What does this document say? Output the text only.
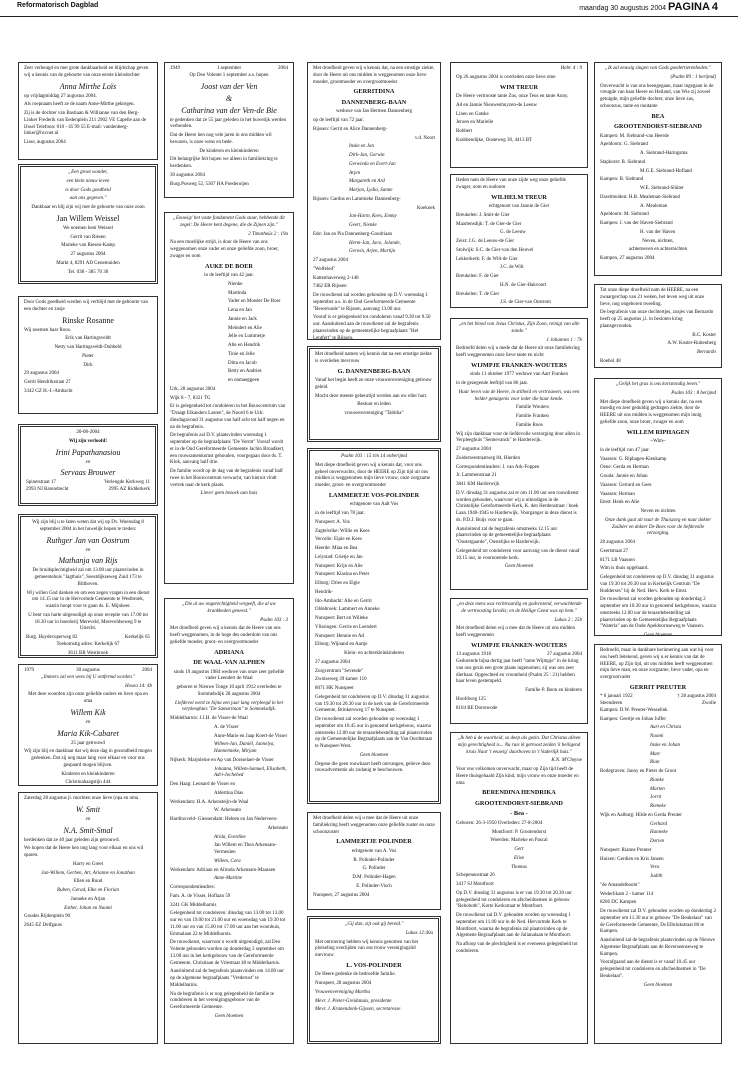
Reformatorisch Dagblad	maandag 30 augustus 2004 PAGINA 4

Zeer verheugd en met grote dankbaarheid en blijdschap geven wij u kennis van de geboorte van onze eerste kleindochter

Anna Mirthe Loïs

op vrijdagmiddag 27 augustus 2004.

Als roepnaam heeft ze de naam Anne-Mirthe gekregen.

Zij is de dochter van Bastiaan & Willianne van den Berg-Linker Frederik van Eedenplein 211 2902 VE Capelle aan de IJssel Telefoon: 010 - 45 99 55 E-mail: vandenberg-linker@hccnet.nl

Lisse, augustus 2004

„Een groot wonder,

een klein nieuw leven

is door Gods goedheid

aan ons gegeven."

Dankbaar en blij zijn wij met de geboorte van onze zoon

Jan Willem Weissel

We noemen hem Weissel

Gerrit van Riesen

Marieke van Riesen-Kamp

27 augustus 2004

Markt 4, 8291 AD Genemuiden

Tel. 038 - 385 70 30

Door Gods goedheid werden wij verblijd met de geboorte van een dochter en zusje

Rinske Rosanne

Wij noemen haar Roos.

Erik van Hartingsveldt

Netty van Hartingsveldt-Dubbeld

Pieter

Dirk

29 augustus 2004

Gerrit Hendrikstraat 27

3342 GZ H.-I.-Ambacht

20-08-2004

Wij zijn verloofd!

Irini Papathanasiou

en

Servaas Brouwer

Spinetstraat 17	Verlengde Kerkweg 11
2993 NJ Barendrecht	2995 AZ Ridderkerk

Wij zijn blij u te laten weten dat wij op Dv. Woensdag 8 september 2004 in het huwelijk hopen te treden:

Ruthger Jan van Oostrum

en

Mathanja van Rijs

De bruidsplechtigheid zal om 13.00 uur plaatsvinden in gemeentehuis "Jagthuis", Soestdijkseweg Zuid 173 te Bilthoven.

Wij willen God danken en om een zegen vragen in een dienst om 14.15 uur in de Hervormde Gemeente te Westbroek, waarin hoopt voor te gaan ds. E. Mijnheer.

U bent van harte uitgenodigd op onze receptie van 17.00 tot 18.30 uur in boerderij Mereveld, Mereveldseweg 9 te Utrecht.

Burg. Huydecoperweg 82	Kerkelijk 65

Toekomstig adres: Kerkelijk 67

3611 BR Westbroek

1979	30 augustus	2004

„Immers zal een wees bij U ontfermd worden."

Hosea 14: 4b

Met dese woorden zijn onze geliefde ouders en lieve opa en oma

Willem Kik

en

Maria Kik-Cabaret

25 jaar getrouwd

Wij zijn blij en dankbaar dat wij deze dag in gezondheid mogen gedenken. Dat zij nog maar lang voor elkaar en voor ons gespaard mogen blijven.

Kinderen en kleinkinderen

Christinahaagstijn 444

Zaterdag 28 augustus jl. mochten onze lieve (opa en oma

W. Smit

en

N.A. Smit-Smal

herdenken dat ze 40 jaar geleden zijn getrouwd.

We hopen dat de Heere hen nog lang voor elkaar en ons wil sparen.

Harry en Greet

Jan-Willem, Gerben, Art, Arianne en Jonathan

Ellen en Ruud

Ruben, Gerad, Elke en Florian

Janneke en Arjan

Esther, Johan en Naomi

Goudes Rijdenplein 90

2645 EZ Delfgauw

1949	1 september	2004

Op Deo Volente 1 september a.s. hopen

Joost van der Ven

&

Catharina van der Ven-de Bie

te gedenken dat ze 55 jaar geleden in het huwelijk werden verbonden.

Dat de Heere hen nog vele jaren in ons midden wil bewaren, is onze wens en bede.

De kinderen en kleinkinderen

Dit belangrijke feit hopen we alleen in familiekring te herdenken.

30 augustus 2004

Burg.Posweg 52, 5307 HA Poederoijen

„Eeuwig! het vaste fondament Gods staat, hebbende dit zegel: De Heere kent degene, die de Zijnen zijn."

2 Timotheüs 2 : 19a

Na een moeilijke strijd, is door de Heere van ons weggenomen onze vader en onze geliefde zoon, broer, zwager en oom

AUKE DE BOER

in de leeftijd van 42 jaar.

Nienke

Martinda

Vader en Moeder De Boer

Lena en Jan

Jannie en Jack

Meindert en Alie

Jelle en Lummetje

Alte en Hendrik

Tinie en Jelle

Ditta en Jacob

Betty en Andries

en onmaeggeen

Urk, 28 augustus 2004

Wijk 8 - 7, 8321 TG

Er is gelegenheid tot condoleren in het Bouwcentrum van "Draagt Elkanders Lasten", de Noord 6 te Urk: dinsdagavond 31 augustus van half acht tot half negen en na de begrafenis.

De begrafenis zal D.V. plaatsvinden woensdag 1 september op de begraafplaats "De Vormt" Vooraf wordt er in de Oud Gereformeerde Gemeente Jachin Broadkert, een rouwsamenkomst gehouden, voorgegaan door ds. T. Klok, aanvang half drie.

De familie wordt op de dag van de begrafenis vanaf half twee in het Bouwcentrum verwacht, van hieruit vindt vertrek naar de kerk plaats.

Liever geen bezoek aan huis

„Die al uw ongerechtigheid vergeeft, die al uw krankheden geneest."

Psalm 103 : 3

Met droefheid geven wij u kennis dat de Heere van ons heeft weggenomen, in de hoge des ouderdom van ons geliefde moeder, groot- en overgrootmoeder

ADRIANA

DE WAAL-VAN ALPHEN

sinds 19 augustus 1984 weduwe van onze zeer geliefde vader Leendert de Waal

geboren te Nieuwe Tonge 10 april 1912 overleden te Sommelsdijk 28 augustus 2004

Liefdevol werd ze bijna een jaar lang verpleegd in het verpleeghuis "De Samaritaan" te Sommelsdijk.

Middelharnis: J.J.H. de Visser-de Waal

A. de Visser

Anne-Marie en Jaap Koert-de Visser

Willem-Jan, Daniël, Jannelya, Hannemieke, Mirjam

Nijkerk: Marjoleine en Ap van Dorsselaer-de Visser

Johanna, Willem-Samuel, Elisabeth, Adri-Jochebed

Den Haag: Leonard de Visser en

Aldertina Dias

Werkendam: H.A. Arkensteijn-de Waal

W. Arkensato

Hardinxveld- Giessendam: Heleen en Jan Nederveen-

Arkensato

Arida, Everdine

Jan Willem en Thea Arkensato-Vermeulen

Willem, Cora

Werkendam: Adriaan en Aliruda Arkensato-Maassen

Anne-Martine

Correspondentieadres:

Fam. A. de Visser, Hoflaan 59

3241 GK Middelharnis

Gelegenheid tot condoleren: dinsdag van 13.00 tot 13.00 uur en van 19.00 tot 21.00 uur en woensdag van 19.30 tot 11.00 uur en van 15.00 tot 17.00 uur aan het woonhuis, Emmalaan 22 te Middelharnis.

De rouwdienst, waarvoor u wordt uitgenodigd, zal Deo Volente gehouden worden op donderdag 2 september om 13.00 uur in het kerkgebouw van de Gereformeerde Gemeente, Christiaan de Vriestraat 40 te Middelharnis.

Aansluitend zal de begrafenis plaatsvinden om 14.00 uur op de algemene begraafplaats "Vrederust" te Middelharnis.

Na de begrafenis is er nog gelegenheid de familie te condoleren in het verenigingsgebouw van de Gereformeerde Gemeente.

Geen bloemen

Met droefheid geven wij u kennis dat, na een ernstige ziekte, door de Heere uit ons midden is weggenomen onze lieve moeder, grootmoeder en overgrootmoeder

GERRITDINA

DANNENBERG-BAAN

weduwe van Jan Hermen Dannenberg

op de leeftijd van 72 jaar.

Rijssen: Gerrit en Alice Dannenberg-

v.d. Noort

Inske en Jan

Dirk-Jan, Gerwin

Gerwieda en Evert-Jan

Arjen

Margareth en Ard

Marjon, Lydia, Sanne

Rijssen: Gardus en Lammieke Dannenberg-

Koekoek

Jan-Harm, Kees, Emmy

Geert, Nienke

Ede: Jan en Pia Dannenberg-Goudriaan

Herm-Jan, Jaco, Jolande,

Gerwin, Arjen, Martijn

27 augustus 2004

"Welfeled"

Kattenhaverweg 2-148

7462 ER Rijssen

De rouwdienst zal worden gehouden op D.V. woensdag 1 september a.s. in de Oud Gereformeerde Gemeente "Bewerunde" te Rijssen, aanvang 13.00 uur.

Vooraf is er gelegenheid tot condoleren vanaf 9.30 tot 9.50 uur. Aansluitend aan de rouwdienst zal de begrafenis plaatsvinden op de gemeentelijke begraafplaats "Het Lentfert" te Rijssen.

Met droefheid namen wij kennis dat na een ernstige ziekte is overleden mevrouw

G. DANNENBERG-BAAN

Vanaf het begin heeft ze onze vrouwenvereniging getrouw geleid.

Mocht deze meeste gebeurtijd worden aan uw eller hart.

Bestuur en leden

vrouwenvereniging "Tabitha"

Psalm 103 : 15 t/m 14 onberijmd

Met diepe droefheid geven wij u kennis dat, voor ons geheel onverwachts, door de HEERE op Zijn tijd uit ons midden is weggenomen mijn lieve vrouw, onze zorgzame moeder, groot- en overgrootmoeder

LAMMERTJE VOS-POLINDER

echtgenote van Aalt Vos

in de leeftijd van 78 jaar.

Nunspeet: A. Vos

Zagtelsrike: Willie en Kees

Vercelie: Eipie en Kees

Heerde: Miaa en Bea

Lelystad: Grietje en Jan

Nunspeet: Krijn en Alie

Nunspeet: Klasina en Peter

Elburg: Dries en Elgie

Hendrik-

Ido-Ambacht: Alie en Gerrit

Oldebroek: Lammert en Anneke

Nunspeet: Bert en Willeke

Vlissingen: Gerrie en Leendert

Nunspeet: Hennie en Ad

Elburg: Wijnand en Aartje

Klein- en achterkleinkinderen

27 augustus 2004

Zorgcentrum "Sevende"

Zwolseweg 39 kamer 110

8071 HK Nunspeet

Gelegenheid tot condoleren op D.V. dinsdag 31 augustus van 19.30 tot 20.30 uur in de kerk van de Gereformeerde Gemeente, Brinkersweg 17 te Nunspeet.

De rouwdienst zal worden gehouden op woensdag 1 september om 10.45 uur in genoemd kerkgebouw, waarna omstreeks 12.00 uur de teraardebestelling zal plaatsvinden op de Gemeentelijke Begraafplaats aan de Van Oordtstraat te Nunspeet-West.

Geen bloemen

Degene die geen rouwkaart heeft ontvangen, gelieve deze rouwadvertentie als zodanig te beschouwen.

Met droefheid delen wij u mee dat de Heere uit onze familiekring heeft weggenomen onze geliefde zuster en onze schoonzuster

LAMMERTJE POLINDER

echtgenote van A. Vos

R. Polinder-Polinder

G. Polinder

D.M. Polinder-Hagen

E. Polinder-Visch

Nunspeet, 27 augustus 2004

„Gij dan, zijt ook gij bereid."

Lukas 12:40a

Met ontroering hebben wij kennis genomen van het plotseling overlijden van ons trouw verenigingslid mevrouw

L. VOS-POLINDER

De Heere gedenke de bedroefde familie.

Nunspeet, 28 augustus 2004

Vrouwenvereniging Martha

Mevr. J. Pieter-Greidanuis, presidente

Mevr. J. Kranendonk-Gijssen, secretaresse

Hebr. 4 : 9

Op 26 augustus 2004 is overleden onze lieve ome

WIM TREUR

De Heere vertrooste tante Zus, onze Teus en tante Anny.

Ad en Jannie Nieuwenhuyzen-de Leeuw

Lineu en Gatske

Jeroen en Marielle

Robbert

Krabbendijke, Oosteweg 30, 4413 BT

Heden nam de Heere van onze zijde weg onze geliefde zwager, oom en oudoom

WILHELM TREUR

echtgenoot van Jannie de Gier

Breukelen: J. Smit-de Gier

Maartensdijk: T. de Gier-de Gier

G. de Leeuw

Zeist: J.G. de Leeuw-de Gier

Stolwijk: S.C. de Gier-van den Heuvel

Lekkerkerk: F. de Wilt-de Gier

J.C. de Wilt

Breukelen: F. de Gier

H.N. de Gier-Hakvoort

Breukelen: T. de Gier

J.S. de Gier-van Oostrom

„en het bloed van Jezus Christus, Zijn Zoon, reinigt van alle zonde."

1 Johannes 1 : 7b

Bedroefd delen wij u mede dat de Heere uit onze familiekring heeft weggenomen onze lieve tante en nicht

WIJMPJE FRANKEN-WOUTERS

sinds 11 oktober 1977 weduwe van Aart Franken

in de gezegende leeftijd van 86 jaar.

Haar leven van de Heere, in stilheid en vertrouwen, was een helder getuigenis voor ieder die haar kende.

Familie Wouters

Familie Franken

Familie Roos

Wij zijn dankbaar voor de liefdevolle verzorging door allen in Verpleeghuis "Sennevanck" te Harderwijk.

27 augustus 2004

Zuiderzeestraatweg 84, Hierden

Correspondentieadres: J. van Ark-Foppen

Jr. Lammenstraat 21

3841 KM Harderwijk

D.V. dinsdag 31 augustus zal er om 11.00 uur een rouwdienst worden gehouden, waarvoor wij u uitnodigen in de Christelijke Gereformeerde Kerk, K. den Herdenstraat / hoek Laan 1940-1945 te Harderwijk. Voorganger in deze dienst is ds. P.D.J. Buijs voor te gaan.

Aansluitend zal de begrafenis omstreeks 12.15 uur plaatsvinden op de gemeentelijke begraafplaats "Oostergaarde", Oostelijke te Harderwijk.

Gelegenheid tot condoleren voor aanvang van de dienst vanaf 10.15 uur, in voornoemde kerk.

Geen bloemen

„en deze mens was rechtvaardig en godvrezend, verwachtende de vertroosting Israëls; en de Heilige Geest was op hem."

Lukas 2 : 25b

Met droefheid delen wij u mee dat de Heere uit ons midden heeft weggenomen

WIJMPJE FRANKEN-WOUTERS

13 augustus 1918	27 augustus 2004

Gedurende bijna dertig jaar heeft "tante Wijmpje" in de kring van ons gezin een grote plaats ingenomen; zij was ons zeer dierbaar. Opgeschted en vroomheid (Psalm 25 : 21) hebben haar leven gestempeld.

Familie P. Boon en kinderen

Hoofdweg 125

8104 BE Dorrewode

„Ik heb ú de waarheid, so deep als gezin. Dat Christus alleen mijn gerechtigheid is... Nu ruis ik getroost zeiden 'k heiligend kruis Naar 't eeuwig' daarboven in 't Vaderlijk huis."

K.N. M'Cheyne

Voor ons volkomen onverwacht, maar op Zijn tijd heeft de Heere thuisgehaald Zijn kind, mijn vrouw en onze moeder en oma

BERENDINA HENDRIKA

GROOTENDORST-SIEBRAND

- Bea -

Geboren: 26-3-1950 Overleden: 27-8-2004

Montfoort: P. Grootendorst

Woerden: Marieke en Pascal

Gert

Elise

Thomas

Schepenenstraat 26

3417 SJ Montfoort

Op D.V. dinsdag 31 augustus is er van 19.30 tot 20.30 uur gelegenheid tot condoleren en afscheidnemen in gebouw "Rehoboth", Korte Kerkstraat te Montfoort.

De rouwdienst zal D.V. gehouden worden op woensdag 1 september om 11.00 uur in de Ned. Hervormde Kerk te Montfoort, waarna de begrafenis zal plaatsvinden op de Algemene Begraafplaats aan de Julianalaan te Montfoort.

Na afloop van de plechtigheid is er eveneens gelegenheid tot condoleren.

„Ik zal eeuwig zingen van Gods goedertierenheden."

(Psalm 89 : 1 berijmd)

Onverwacht is van ons heengegaan, maar ingegaan in de vreugde van haar Heere en Heiland, van Wie zij zoveel getuigde, mijn geliefde dochter, onze lieve zus, schoonzus, tante en nuutante

BEA

GROOTENDORST-SIEBRAND

Kampen: M. Siebrand-van Heerde

Apeldoorn: G. Siebrand

A. Siebrand-Haringsma

Staphorst: B. Siebrand

M.G.E. Siebrand-Hofland

Kampen: B. Siebrand

W.E. Siebrand-Slüiter

IJsselmuiden: H.B. Mealeman-Siebrand

A. Mealeman

Apeldoorn: M. Siebrand

Kampen: J. van der Haven-Siebrand

H. van der Haven

Neven, nichten,

achterneven en achternichten

Kampen, 27 augustus 2004

Tot onze diepe droefheid nam de HEERE, na een zwaargerchap van 21 weken, het leven weg uit onze lieve, nog ongeboren tweeling.

De begrafenis van onze dochtertjes, zusjes van Bernardo heeft op 25 augustus j.l. in besloten kring plaatsgevonden.

B.C. Koster

A.W. Koster-Ruitenberg

Bernardo

Roebol 48

„Gelijk het gras is ons kortstondig leven."

Psalm 103 : 8 berijmd

Met diepe droefheid geven wij u kennis dat, na een moedig en zeer geduldig gedragen ziekte, door de HEERE uit ons midden is weggenomen mijn innig geliefde zoon, onze broer, zwager en oom

WILLEM RIPHAGEN

~Wim~

in de leeftijd van 47 jaar.

Vaassen: G. Riphagen-Kienkamp

Oene: Gerda en Herman

Gouda: Jannie en Johan

Vaassen: Gerrard en Gees

Vaassen: Herman

Emst: Henk en Alie

Neven en nichten

Onze dank gaat uit naar de Thuiszorg en naar dokter Zoühler en dokter De Boes voor de liefdevolle verzorging.

28 augustus 2004

Geertstraat 27

8171 LB Vaassen

Wim is thuis opgebaard.

Gelegenheid tot condoleren op D.V. dinsdag 31 augustus van 19.30 tot 20.30 uur in Kerkelijk Centrum "De Rudderses" bij de Ned. Herv. Kerk te Emst.

De rouwdienst zal worden gehouden op donderdag 2 september om 10.30 uur in genoemd kerkgebouw, waarna omstreeks 12.00 uur de teraardebestelling zal plaatsvinden op de Gemeentelijke Begraafplaats "Waterla" aan de Oude Apeldoornseweg te Vaassen.

Geen bloemen

Bedroefd, maar in dankbare herinnering aan wat hij voor ons heeft betekend, geven wij u er kennis van dat de HEERE, op Zijn tijd, uit ons midden heeft weggenomen mijn lieve man, en onze zorgzame, lieve vader, opa en overgrootvader

GERRIT PREUTER

* 6 januari 1922	† 28 augustus 2004
Steenderen	Zwolle

Kampen: D.W. Preuter-Wesselink

Kampen: Geertje en Johan Juffer

Aart en Christa

Naomi

Inske en Johan

Marc

Rian

Bodegraven: Janny en Pieter de Groot

Rianke

Marten

Jorrit

Rieneke

Wijk en Aalburg: Hilde en Gerda Preuter

Gerhard

Hanneke

Dorien

Nunspeet: Rianne Preuter

Huizen: Gerdien en Kris Jansen

Vera

Judith

"de Amandelboom"

Wederlikam 2 - kamer 114

8266 DC Kampen

De rouwdienst zal D.V. gehouden worden op donderdag 2 september om 11.30 uur in gebouw "De Beukelaar" van de Gereformeerde Gemeente, Ds Elbrinkstraat 80 te Kampen.

Aansluitend zal de begrafenis plaatsvinden op de Nieuwe Algemene Begraafplaats aan de Boverseenseweg te Kampen.

Voorafgaand aan de dienst is er vanaf 10.45 uur gelegenheid tot condoleren en afscheidnemen in "De Beukelaar".

Geen bloemen
